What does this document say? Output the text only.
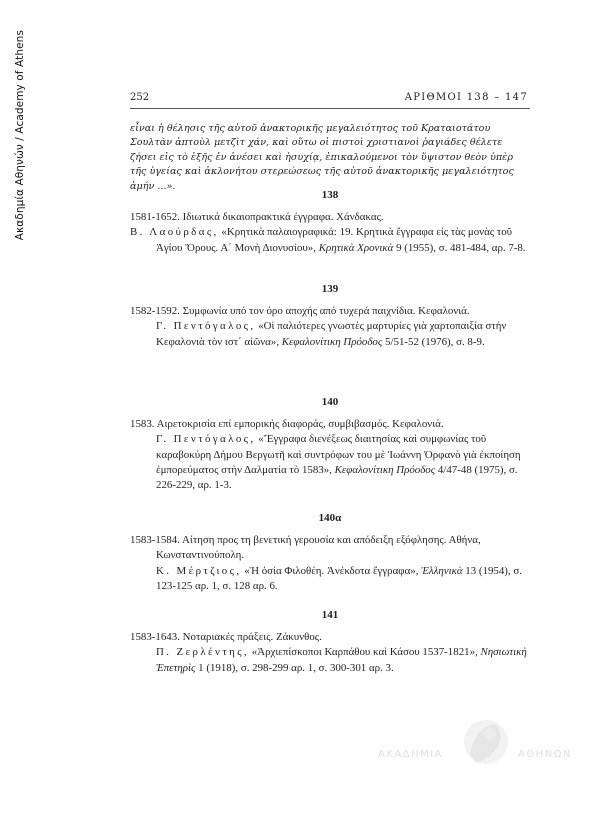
Ακαδημία Αθηνών / Academy of Athens	252	ΑΡΙΘΜΟΙ 138 – 147
εἶναι ἡ θέλησις τῆς αὐτοῦ ἀνακτορικῆς μεγαλειότητος τοῦ Κραταιοτάτου Σουλτὰν ἀπτοὺλ μετζὶτ χάν, καὶ οὕτω οἱ πιστοὶ χριστιανοὶ ῥαγιάδες θέλετε ζήσει εἰς τὸ ἑξῆς ἐν ἀνέσει καὶ ἡσυχίᾳ, ἐπικαλούμενοι τὸν ὕψιστον θεὸν ὑπὲρ τῆς ὑγείας καὶ ἀκλονήτου στερεώσεως τῆς αὐτοῦ ἀνακτορικῆς μεγαλειότητος ἀμήν ...».
138
1581-1652. Ιδιωτικά δικαιοπρακτικά έγγραφα. Χάνδακας.
Β. Λαούρδας, «Κρητικὰ παλαιογραφικά: 19. Κρητικὰ ἔγγραφα εἰς τὰς μονὰς τοῦ Ἁγίου Ὄρους. Α΄ Μονὴ Διονυσίου», Κρητικὰ Χρονικὰ 9 (1955), σ. 481-484, αρ. 7-8.
139
1582-1592. Συμφωνία υπό τον όρο αποχής από τυχερά παιχνίδια. Κεφαλονιά.
Γ. Πεντόγαλος, «Οἱ παλιότερες γνωστὲς μαρτυρίες γιὰ χαρτοπαιξία στὴν Κεφαλονιὰ τὸν ιστ΄ αἰῶνα», Κεφαλονίτικη Πρόοδος 5/51-52 (1976), σ. 8-9.
140
1583. Αιρετοκρισία επί εμπορικής διαφοράς, συμβιβασμός. Κεφαλονιά.
Γ. Πεντόγαλος, «Ἔγγραφα διενέξεως διαιτησίας καὶ συμφωνίας τοῦ καραβοκύρη Δήμου Βεργωτῆ καὶ συντρόφων του μὲ Ἰωάννη Ὀρφανὸ γιὰ ἐκποίηση ἐμπορεύματος στὴν Δαλματία τὸ 1583», Κεφαλονίτικη Πρόοδος 4/47-48 (1975), σ. 226-229, αρ. 1-3.
140α
1583-1584. Αίτηση προς τη βενετική γερουσία και απόδειξη εξόφλησης. Αθήνα, Κωνσταντινούπολη.
Κ. Μέρτζιος, «Ἡ ὁσία Φιλοθέη. Ἀνέκδοτα ἔγγραφα», Ἑλληνικὰ 13 (1954), σ. 123-125 αρ. 1, σ. 128 αρ. 6.
141
1583-1643. Νοταριακές πράξεις. Ζάκυνθος.
Π. Ζερλέντης, «Ἀρχιεπίσκοποι Καρπάθου καὶ Κάσου 1537-1821», Νησιωτικὴ Ἐπετηρὶς 1 (1918), σ. 298-299 αρ. 1, σ. 300-301 αρ. 3.
ΑΚΑΔΗΜΙΑ	ΑΘΗΝΩΝ
